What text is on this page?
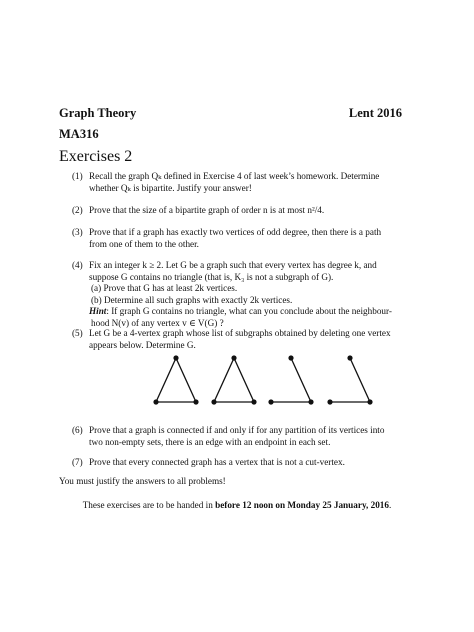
Graph Theory	Lent 2016
MA316
Exercises 2
(1) Recall the graph Qₖ defined in Exercise 4 of last week’s homework. Determine
whether Qₖ is bipartite. Justify your answer!
(2) Prove that the size of a bipartite graph of order n is at most n²/4.
(3) Prove that if a graph has exactly two vertices of odd degree, then there is a path
from one of them to the other.
(4) Fix an integer k ≥ 2. Let G be a graph such that every vertex has degree k, and
suppose G contains no triangle (that is, K₃ is not a subgraph of G).
(a) Prove that G has at least 2k vertices.
(b) Determine all such graphs with exactly 2k vertices.
Hint: If graph G contains no triangle, what can you conclude about the neighbour-
hood N(v) of any vertex v ∈ V(G) ?
(5) Let G be a 4-vertex graph whose list of subgraphs obtained by deleting one vertex
appears below. Determine G.
(6) Prove that a graph is connected if and only if for any partition of its vertices into
two non-empty sets, there is an edge with an endpoint in each set.
(7) Prove that every connected graph has a vertex that is not a cut-vertex.
You must justify the answers to all problems!
These exercises are to be handed in before 12 noon on Monday 25 January, 2016.
